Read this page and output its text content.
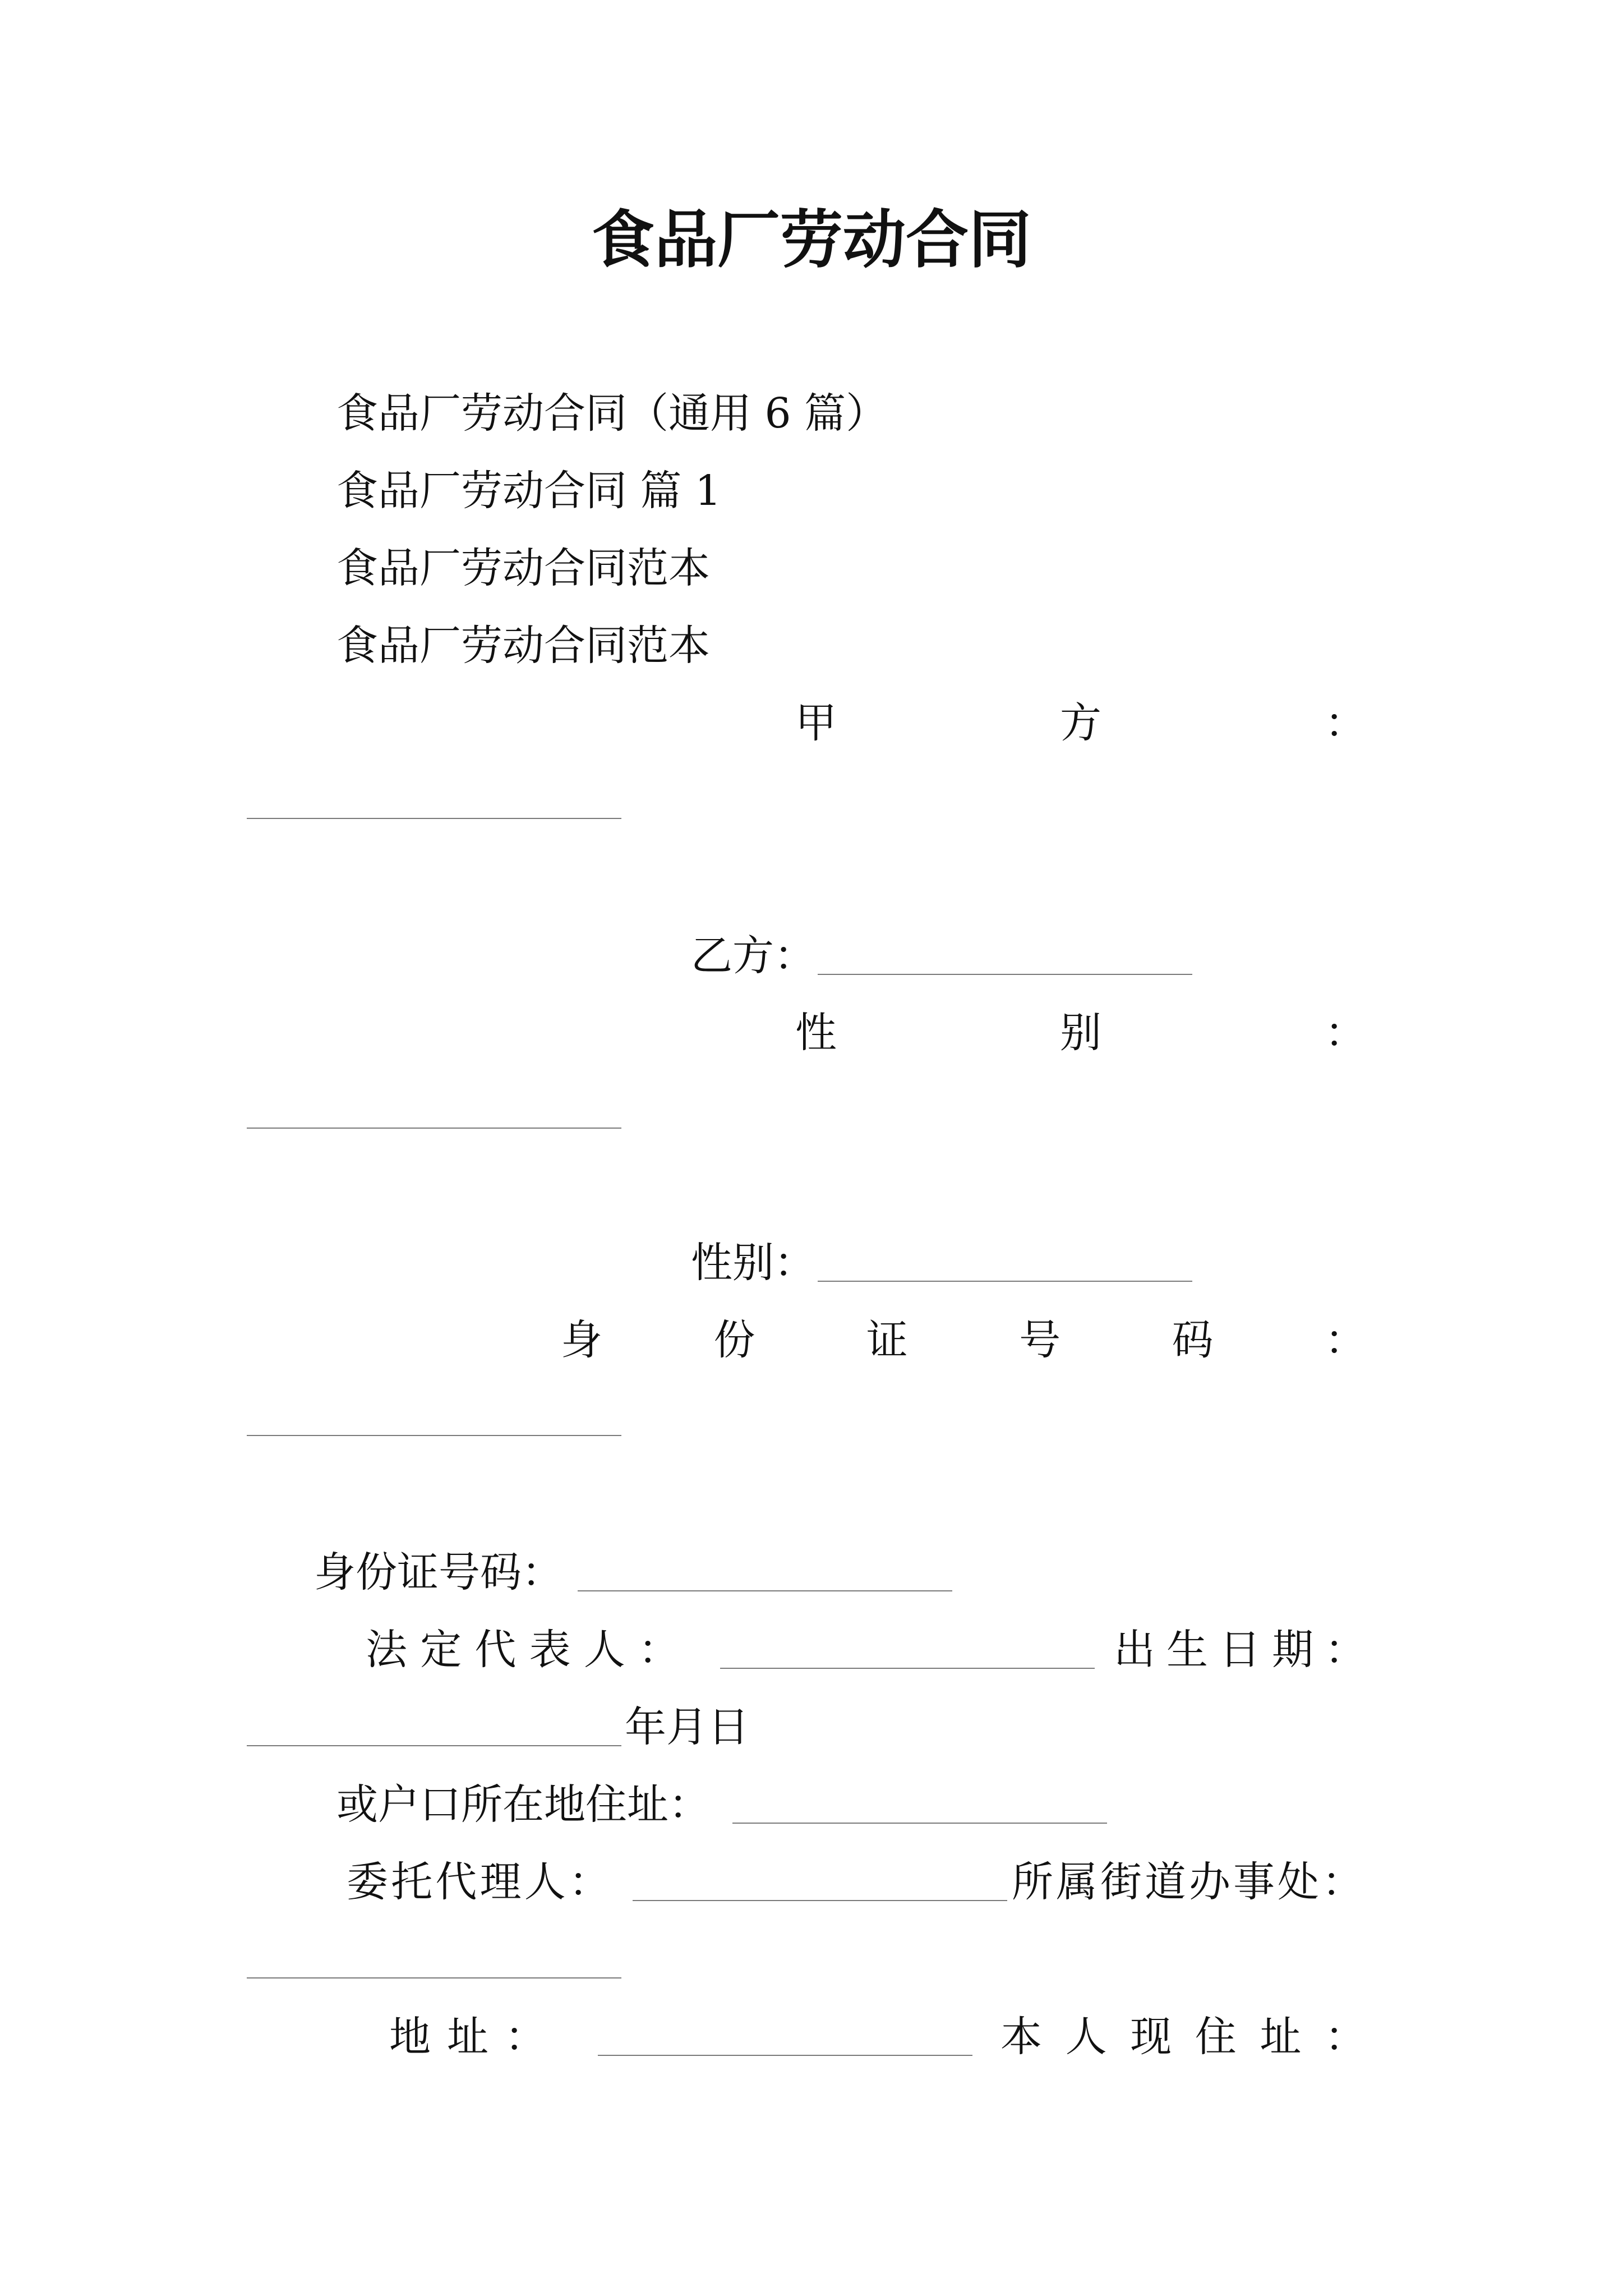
食品厂劳动合同
食品厂劳动合同（通用 6 篇）
食品厂劳动合同 篇 1
食品厂劳动合同范本
食品厂劳动合同范本
甲	方	：
乙方：
性	别	：
性别：
身	份	证	号	码	：
身份证号码：
法 定 代 表 人 ：	出 生 日 期 ：
年月日
或户口所在地住址：
委 托 代 理 人 ：	所属街道办事处：
地 址 ：	本 人 现 住 址 ：
